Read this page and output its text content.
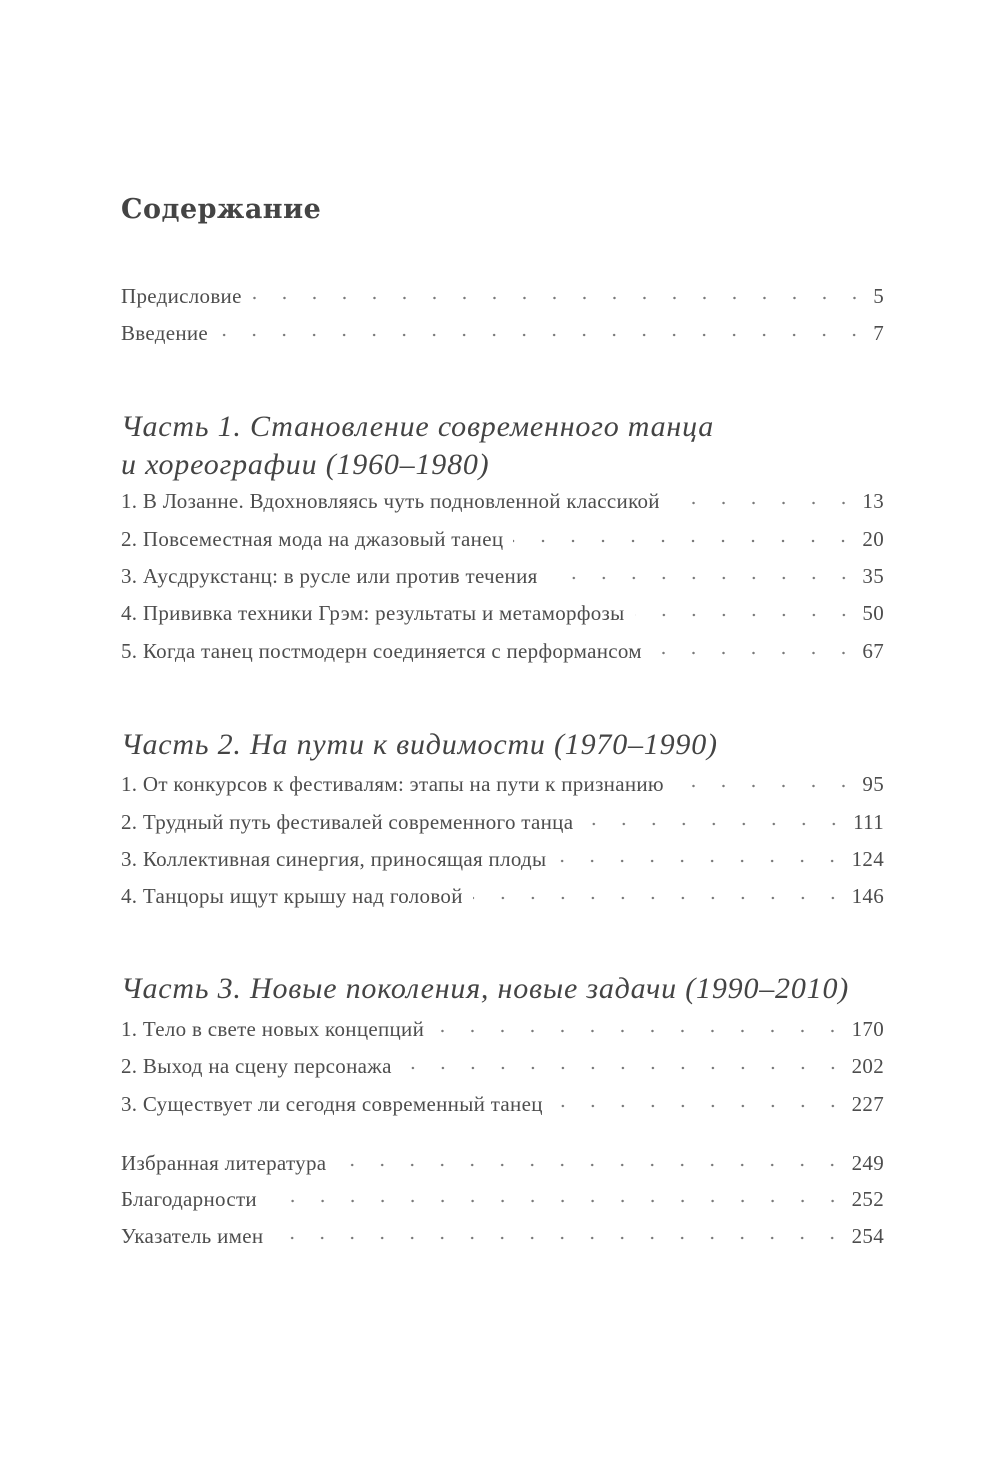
Содержание
Предисловие	5
Введение	7
Часть 1. Становление современного танца
и хореографии (1960–1980)
1. В Лозанне. Вдохновляясь чуть подновленной классикой	13
2. Повсеместная мода на джазовый танец	20
3. Аусдрукстанц: в русле или против течения	35
4. Прививка техники Грэм: результаты и метаморфозы	50
5. Когда танец постмодерн соединяется с перформансом	67
Часть 2. На пути к видимости (1970–1990)
1. От конкурсов к фестивалям: этапы на пути к признанию	95
2. Трудный путь фестивалей современного танца	111
3. Коллективная синергия, приносящая плоды	124
4. Танцоры ищут крышу над головой	146
Часть 3. Новые поколения, новые задачи (1990–2010)
1. Тело в свете новых концепций	170
2. Выход на сцену персонажа	202
3. Существует ли сегодня современный танец	227
Избранная литература	249
Благодарности	252
Указатель имен	254
